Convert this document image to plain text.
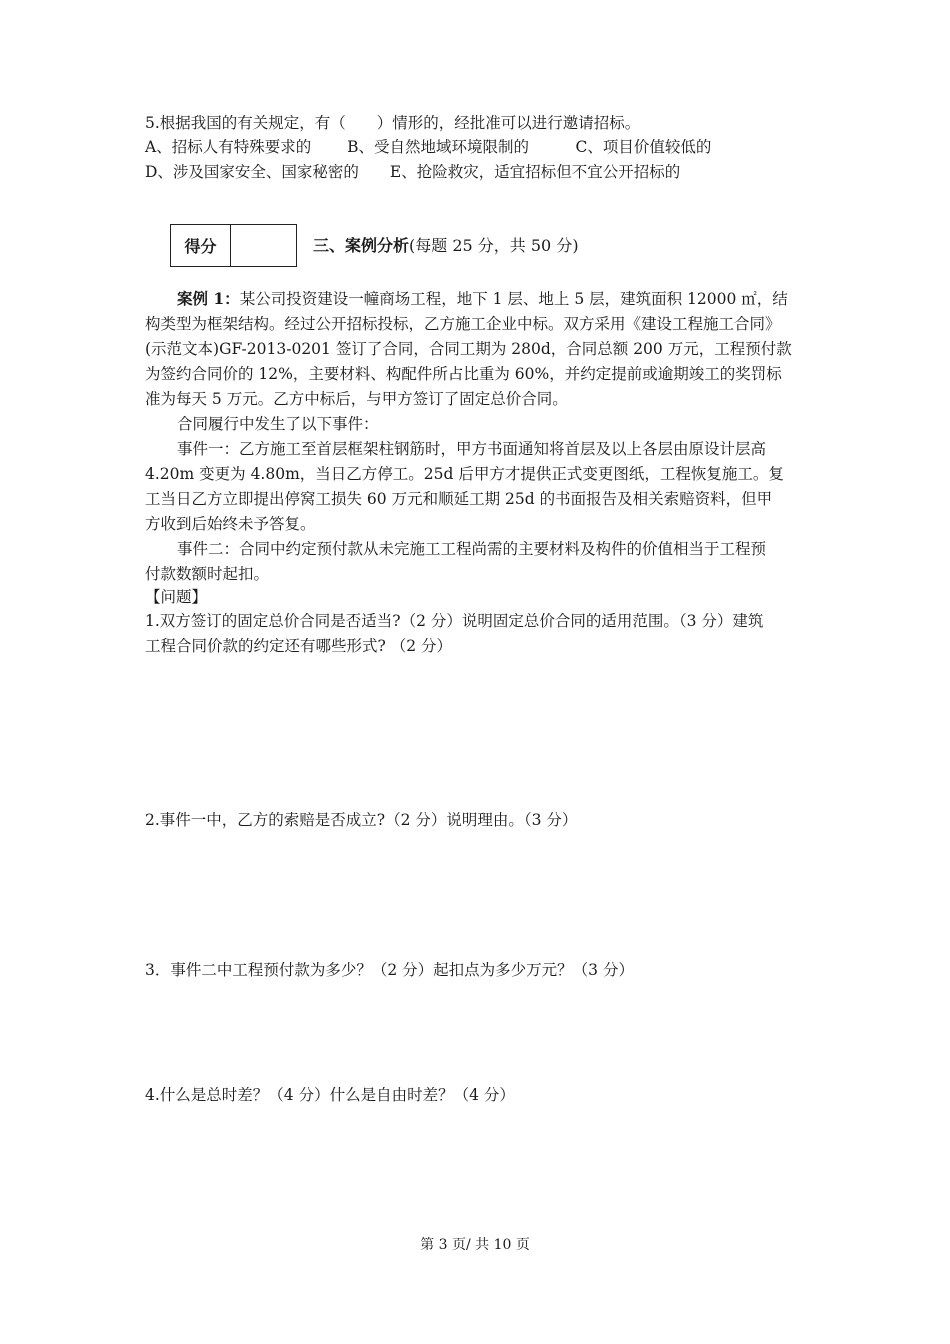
5.根据我国的有关规定，有（　　）情形的，经批准可以进行邀请招标。
A、招标人有特殊要求的　　 B、受自然地域环境限制的　　　C、项目价值较低的
D、涉及国家安全、国家秘密的　　E、抢险救灾，适宜招标但不宜公开招标的
得分	三、案例分析(每题 25 分，共 50 分)
案例 1：某公司投资建设一幢商场工程，地下 1 层、地上 5 层，建筑面积 12000 ㎡，结
构类型为框架结构。经过公开招标投标，乙方施工企业中标。双方采用《建设工程施工合同》
(示范文本)GF-2013-0201 签订了合同，合同工期为 280d，合同总额 200 万元，工程预付款
为签约合同价的 12%，主要材料、构配件所占比重为 60%，并约定提前或逾期竣工的奖罚标
准为每天 5 万元。乙方中标后，与甲方签订了固定总价合同。
合同履行中发生了以下事件：
事件一：乙方施工至首层框架柱钢筋时，甲方书面通知将首层及以上各层由原设计层高
4.20m 变更为 4.80m，当日乙方停工。25d 后甲方才提供正式变更图纸，工程恢复施工。复
工当日乙方立即提出停窝工损失 60 万元和顺延工期 25d 的书面报告及相关索赔资料，但甲
方收到后始终未予答复。
事件二：合同中约定预付款从未完施工工程尚需的主要材料及构件的价值相当于工程预
付款数额时起扣。
【问题】
1.双方签订的固定总价合同是否适当?（2 分）说明固定总价合同的适用范围。（3 分）建筑
工程合同价款的约定还有哪些形式? （2 分）
2.事件一中，乙方的索赔是否成立?（2 分）说明理由。（3 分）
3．事件二中工程预付款为多少？（2 分）起扣点为多少万元？（3 分）
4.什么是总时差？（4 分）什么是自由时差？（4 分）
第 3 页/ 共 10 页
